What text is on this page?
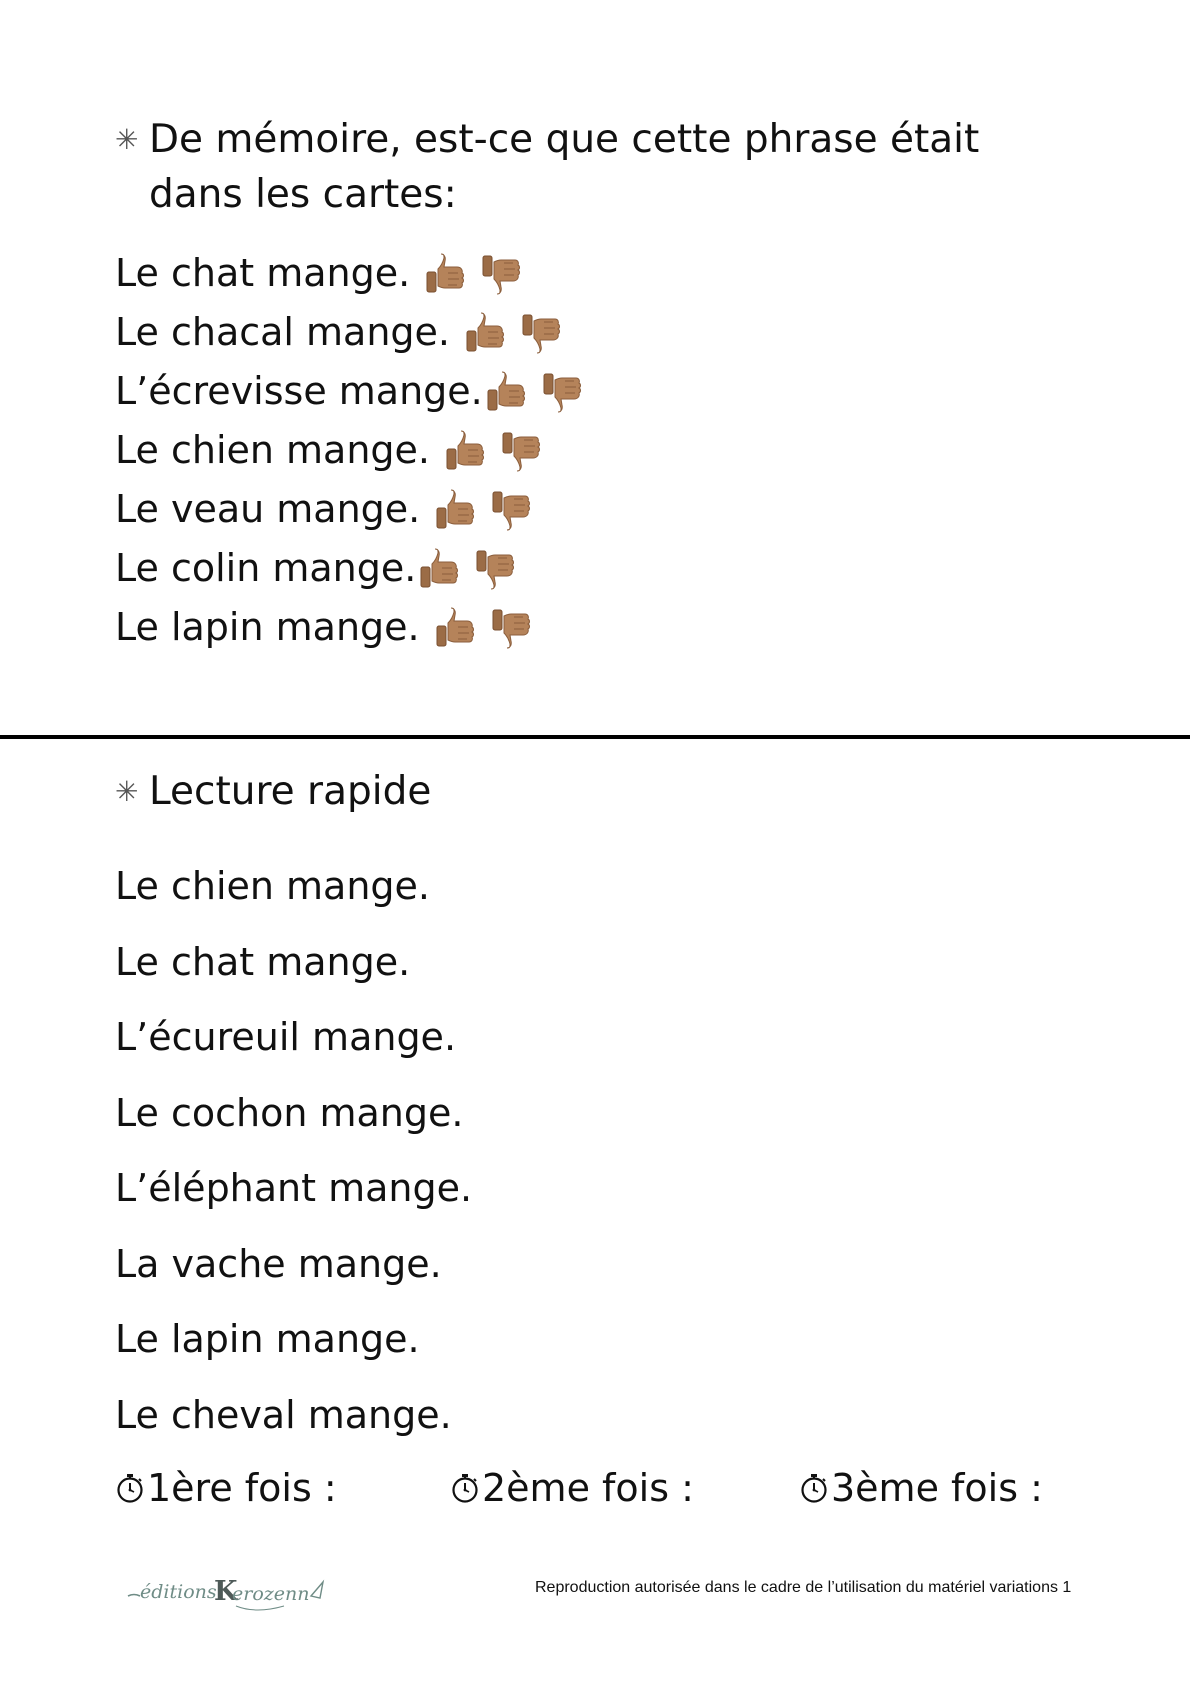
✳ De mémoire, est-ce que cette phrase était dans les cartes:
Le chat mange.
Le chacal mange.
L’écrevisse mange.
Le chien mange.
Le veau mange.
Le colin mange.
Le lapin mange.
✳ Lecture rapide
Le chien mange.
Le chat mange.
L’écureuil mange.
Le cochon mange.
L’éléphant mange.
La vache mange.
Le lapin mange.
Le cheval mange.
1ère fois :	2ème fois :	3ème fois :
éditions
K
erozenn	Reproduction autorisée dans le cadre de l’utilisation du matériel variations 1
